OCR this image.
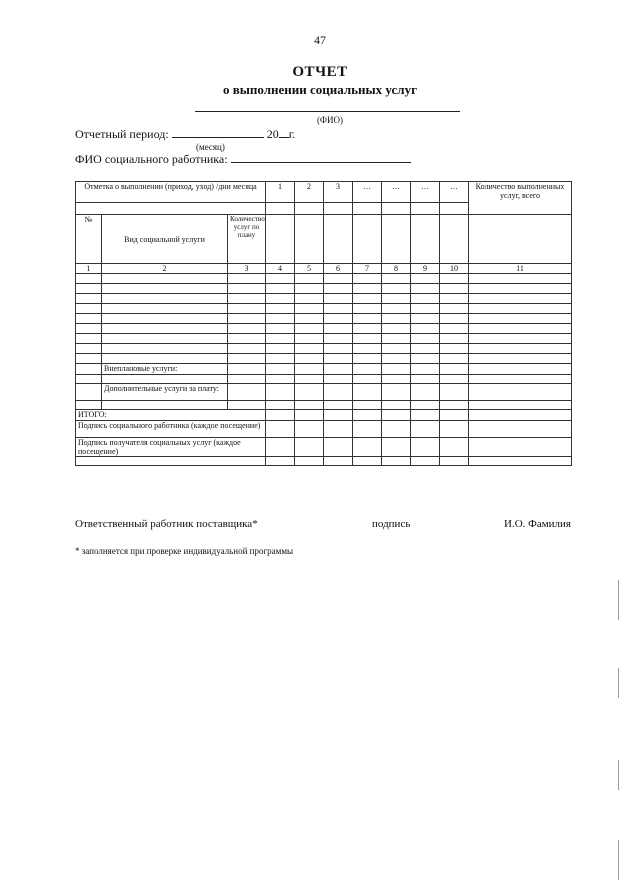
47
ОТЧЕТ
о выполнении социальных услуг
(ФИО)
Отчетный период:	20 г.
(месяц)
ФИО социального работника:
Отметка о выполнении (приход, уход) /дни месяца			1	2	3	…	…	…	…	Количество выполненных услуг, всего

№	Вид социальной услуги	Количество услуг по плану								
1	2	3	4	5	6	7	8	9	10	11

	Внеплановые услуги:									

	Дополнительные услуги за плату:									

ИТОГО:										
Подпись социального работника (каждое посещение)										
Подпись получателя социальных услуг (каждое посещение)										

Ответственный работник поставщика*	подпись	И.О. Фамилия
* заполняется при проверке индивидуальной программы
